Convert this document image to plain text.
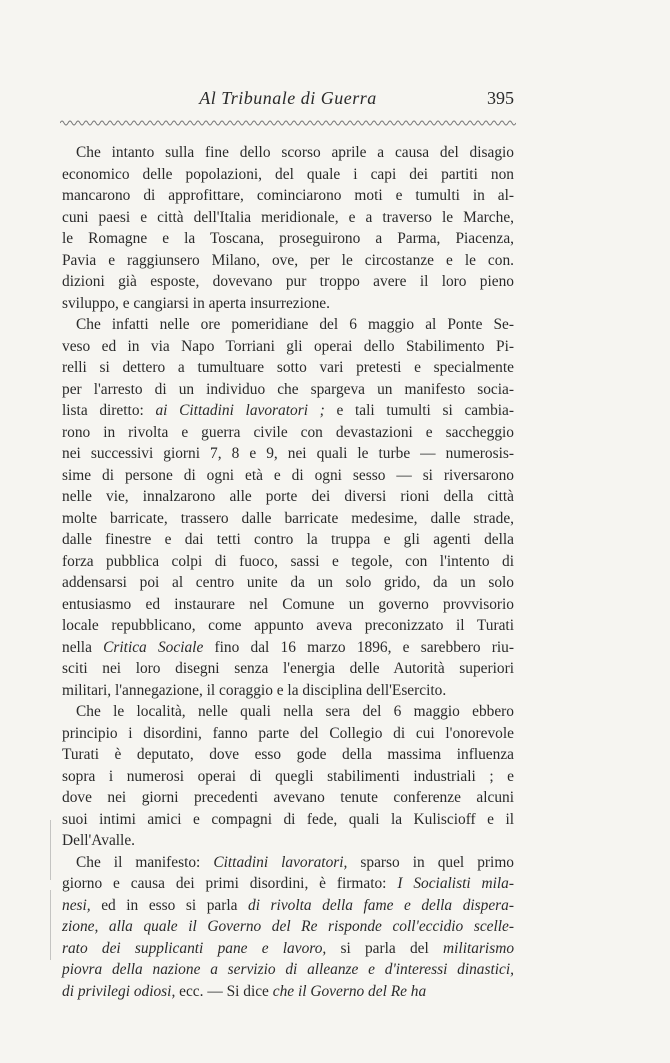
Al Tribunale di Guerra	395

Che intanto sulla fine dello scorso aprile a causa del disagio
economico delle popolazioni, del quale i capi dei partiti non
mancarono di approfittare, cominciarono moti e tumulti in al-
cuni paesi e città dell'Italia meridionale, e a traverso le Marche,
le Romagne e la Toscana, proseguirono a Parma, Piacenza,
Pavia e raggiunsero Milano, ove, per le circostanze e le con.
dizioni già esposte, dovevano pur troppo avere il loro pieno
sviluppo, e cangiarsi in aperta insurrezione.

Che infatti nelle ore pomeridiane del 6 maggio al Ponte Se-
veso ed in via Napo Torriani gli operai dello Stabilimento Pi-
relli si dettero a tumultuare sotto vari pretesti e specialmente
per l'arresto di un individuo che spargeva un manifesto socia-
lista diretto: ai Cittadini lavoratori ; e tali tumulti si cambia-
rono in rivolta e guerra civile con devastazioni e saccheggio
nei successivi giorni 7, 8 e 9, nei quali le turbe — numerosis-
sime di persone di ogni età e di ogni sesso — si riversarono
nelle vie, innalzarono alle porte dei diversi rioni della città
molte barricate, trassero dalle barricate medesime, dalle strade,
dalle finestre e dai tetti contro la truppa e gli agenti della
forza pubblica colpi di fuoco, sassi e tegole, con l'intento di
addensarsi poi al centro unite da un solo grido, da un solo
entusiasmo ed instaurare nel Comune un governo provvisorio
locale repubblicano, come appunto aveva preconizzato il Turati
nella Critica Sociale fino dal 16 marzo 1896, e sarebbero riu-
sciti nei loro disegni senza l'energia delle Autorità superiori
militari, l'annegazione, il coraggio e la disciplina dell'Esercito.

Che le località, nelle quali nella sera del 6 maggio ebbero
principio i disordini, fanno parte del Collegio di cui l'onorevole
Turati è deputato, dove esso gode della massima influenza
sopra i numerosi operai di quegli stabilimenti industriali ; e
dove nei giorni precedenti avevano tenute conferenze alcuni
suoi intimi amici e compagni di fede, quali la Kuliscioff e il
Dell'Avalle.

Che il manifesto: Cittadini lavoratori, sparso in quel primo
giorno e causa dei primi disordini, è firmato: I Socialisti mila-
nesi, ed in esso si parla di rivolta della fame e della dispera-
zione, alla quale il Governo del Re risponde coll'eccidio scelle-
rato dei supplicanti pane e lavoro, si parla del militarismo
piovra della nazione a servizio di alleanze e d'interessi dinastici,
di privilegi odiosi, ecc. — Si dice che il Governo del Re ha
